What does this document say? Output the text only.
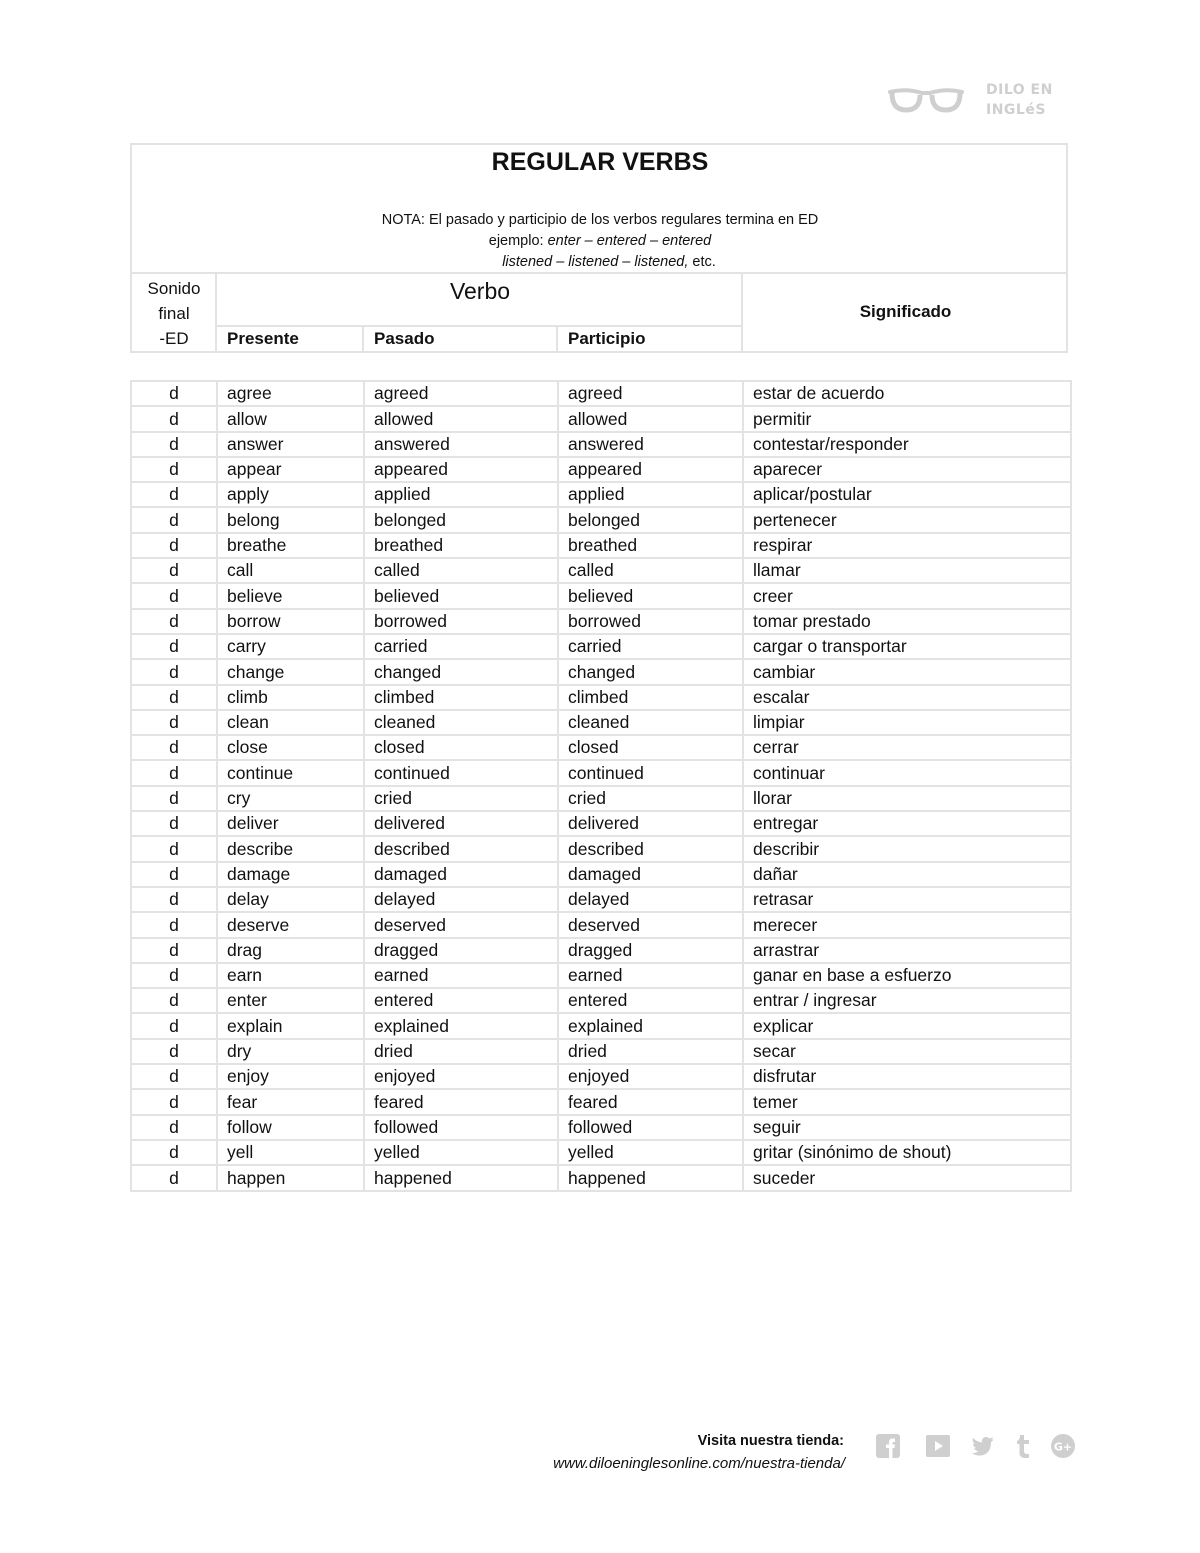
DILO EN
INGLéS
REGULAR VERBS
NOTA: El pasado y participio de los verbos regulares termina en ED
ejemplo: enter – entered – entered
listened – listened – listened, etc.
Sonido
final
-ED
Verbo
Significado
Presente	Pasado	Participio
d	agree	agreed	agreed	estar de acuerdo
d	allow	allowed	allowed	permitir
d	answer	answered	answered	contestar/responder
d	appear	appeared	appeared	aparecer
d	apply	applied	applied	aplicar/postular
d	belong	belonged	belonged	pertenecer
d	breathe	breathed	breathed	respirar
d	call	called	called	llamar
d	believe	believed	believed	creer
d	borrow	borrowed	borrowed	tomar prestado
d	carry	carried	carried	cargar o transportar
d	change	changed	changed	cambiar
d	climb	climbed	climbed	escalar
d	clean	cleaned	cleaned	limpiar
d	close	closed	closed	cerrar
d	continue	continued	continued	continuar
d	cry	cried	cried	llorar
d	deliver	delivered	delivered	entregar
d	describe	described	described	describir
d	damage	damaged	damaged	dañar
d	delay	delayed	delayed	retrasar
d	deserve	deserved	deserved	merecer
d	drag	dragged	dragged	arrastrar
d	earn	earned	earned	ganar en base a esfuerzo
d	enter	entered	entered	entrar / ingresar
d	explain	explained	explained	explicar
d	dry	dried	dried	secar
d	enjoy	enjoyed	enjoyed	disfrutar
d	fear	feared	feared	temer
d	follow	followed	followed	seguir
d	yell	yelled	yelled	gritar (sinónimo de shout)
d	happen	happened	happened	suceder
Visita nuestra tienda:
www.diloeninglesonline.com/nuestra-tienda/
G+
